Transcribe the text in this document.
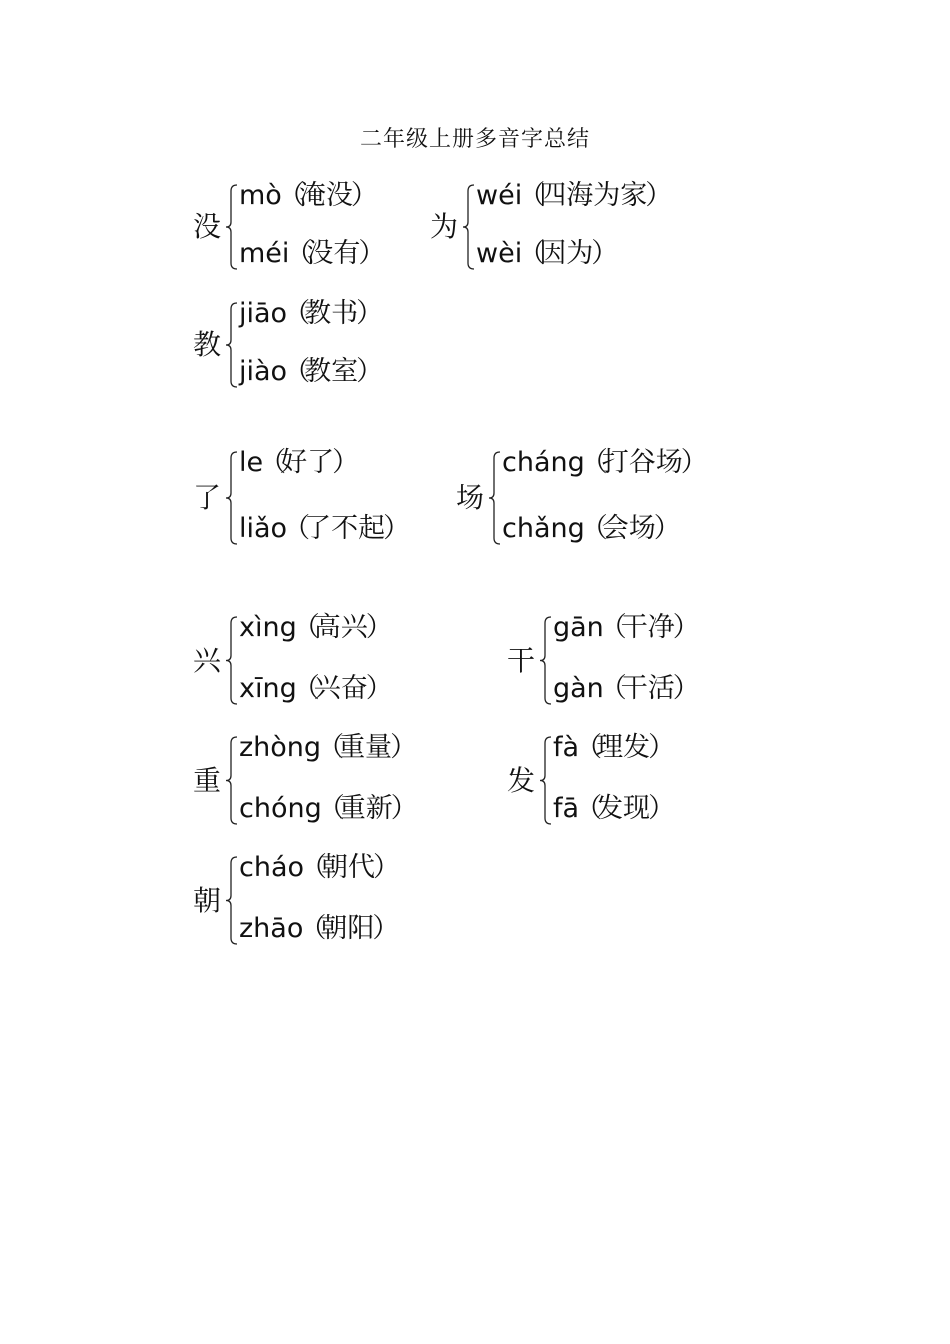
二年级上册多音字总结
没
mò（淹没）
méi（没有）
为
wéi（四海为家）
wèi（因为）
教
jiāo（教书）
jiào（教室）
了
le（好了）
liǎo（了不起）
场
cháng（打谷场）
chǎng（会场）
兴
xìng（高兴）
xīng（兴奋）
干
gān（干净）
gàn（干活）
重
zhòng（重量）
chóng（重新）
发
fà（理发）
fā（发现）
朝
cháo（朝代）
zhāo（朝阳）
